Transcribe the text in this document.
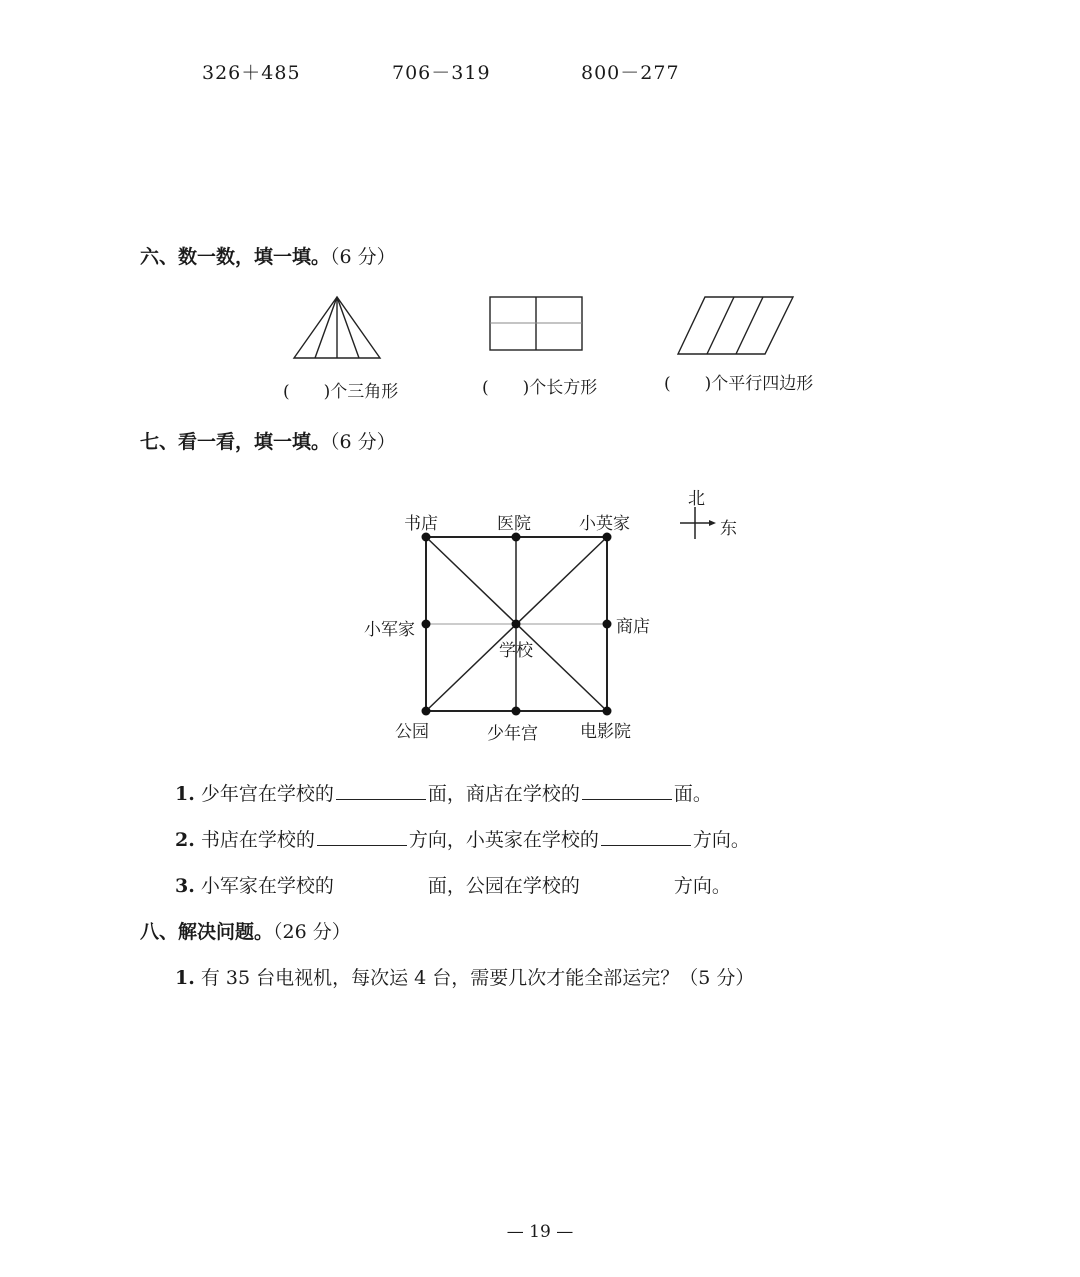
326＋485	706－319	800－277
六、数一数，填一填。（6 分）
(　　)个三角形	(　　)个长方形	(　　)个平行四边形
七、看一看，填一填。（6 分）
北
东
书店	医院	小英家
小军家
学校
商店
公园	少年宫 电影院
1. 少年宫在学校的	面，商店在学校的	面。
2. 书店在学校的	方向，小英家在学校的	方向。
3. 小军家在学校的	面，公园在学校的	方向。
八、解决问题。（26 分）
1. 有 35 台电视机，每次运 4 台，需要几次才能全部运完？（5 分）
— 19 —
